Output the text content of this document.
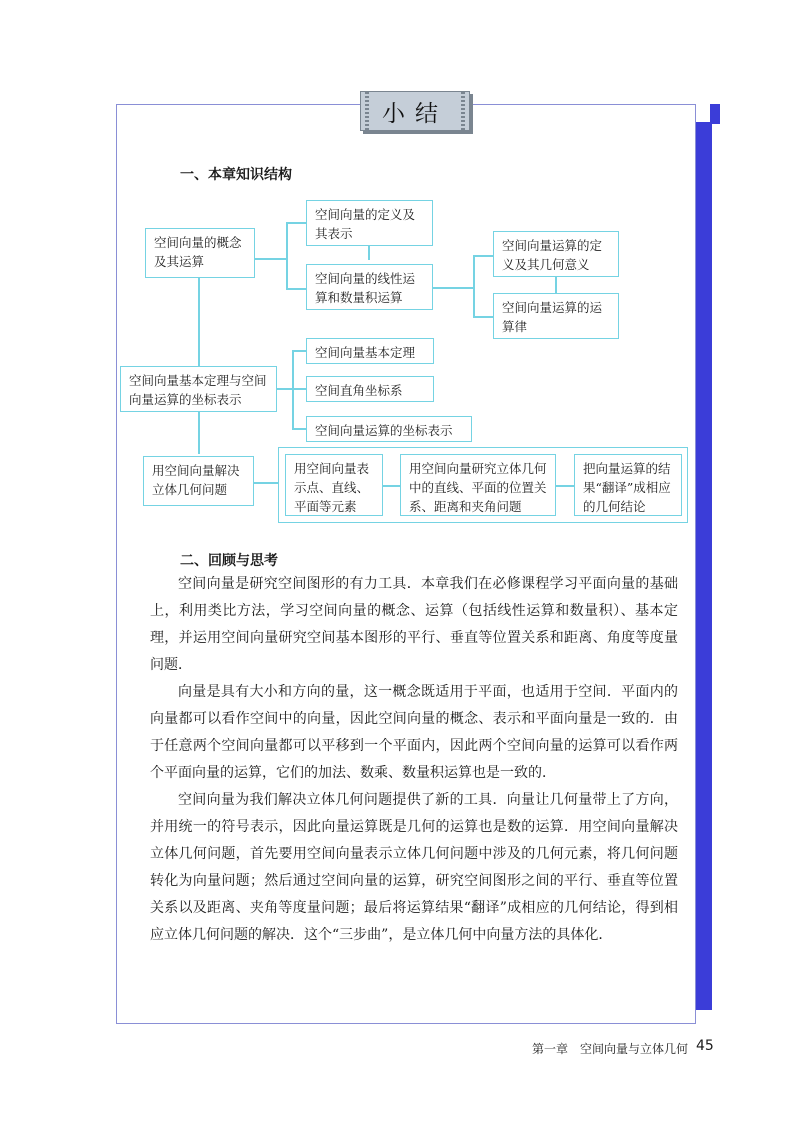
小结
一、本章知识结构
空间向量的概念及其运算
空间向量的定义及其表示
空间向量的线性运算和数量积运算
空间向量运算的定义及其几何意义
空间向量运算的运算律
空间向量基本定理与空间向量运算的坐标表示
空间向量基本定理
空间直角坐标系
空间向量运算的坐标表示
用空间向量解决立体几何问题
用空间向量表示点、直线、平面等元素
用空间向量研究立体几何中的直线、平面的位置关系、距离和夹角问题
把向量运算的结果“翻译”成相应的几何结论
二、回顾与思考
空间向量是研究空间图形的有力工具．本章我们在必修课程学习平面向量的基础上，利用类比方法，学习空间向量的概念、运算（包括线性运算和数量积）、基本定理，并运用空间向量研究空间基本图形的平行、垂直等位置关系和距离、角度等度量问题．
向量是具有大小和方向的量，这一概念既适用于平面，也适用于空间．平面内的向量都可以看作空间中的向量，因此空间向量的概念、表示和平面向量是一致的．由于任意两个空间向量都可以平移到一个平面内，因此两个空间向量的运算可以看作两个平面向量的运算，它们的加法、数乘、数量积运算也是一致的．
空间向量为我们解决立体几何问题提供了新的工具．向量让几何量带上了方向，并用统一的符号表示，因此向量运算既是几何的运算也是数的运算．用空间向量解决立体几何问题，首先要用空间向量表示立体几何问题中涉及的几何元素，将几何问题转化为向量问题；然后通过空间向量的运算，研究空间图形之间的平行、垂直等位置关系以及距离、夹角等度量问题；最后将运算结果“翻译”成相应的几何结论，得到相应立体几何问题的解决．这个“三步曲”，是立体几何中向量方法的具体化．
第一章　空间向量与立体几何 45
